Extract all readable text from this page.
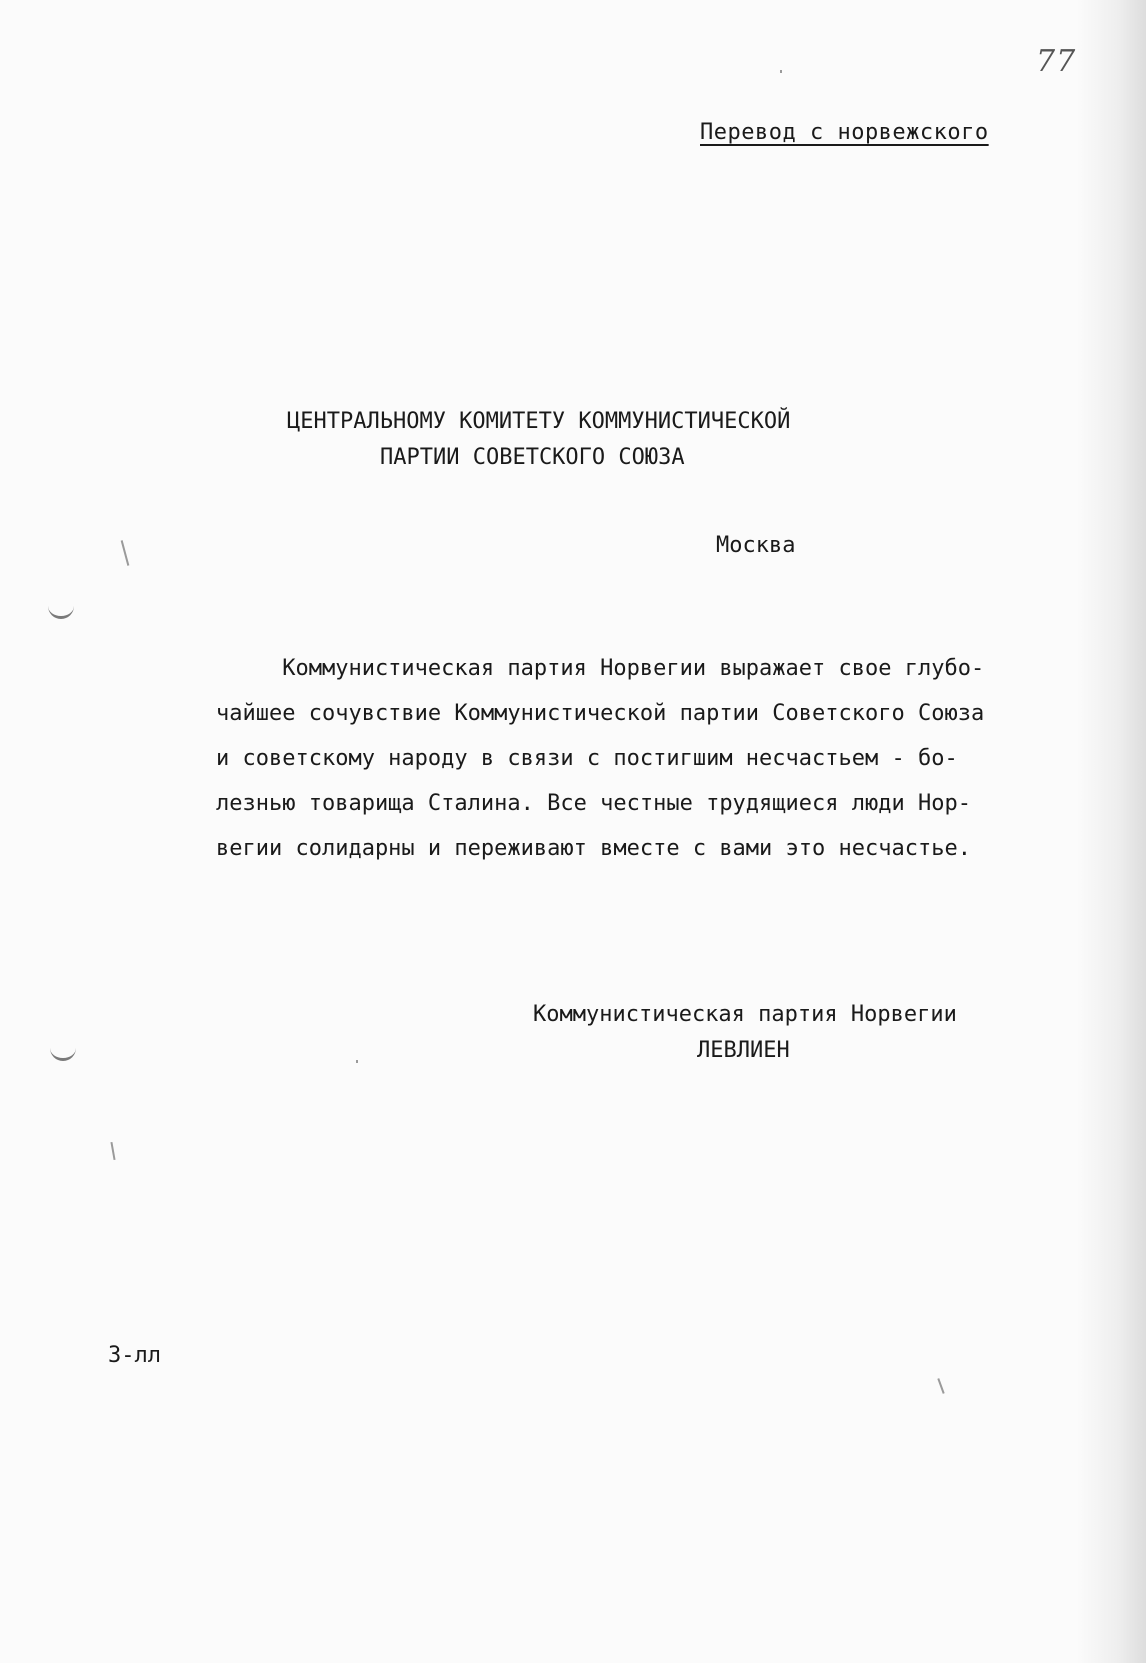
77
Перевод с норвежского
ЦЕНТРАЛЬНОМУ КОМИТЕТУ КОММУНИСТИЧЕСКОЙ
ПАРТИИ СОВЕТСКОГО СОЮЗА
Москва
Коммунистическая партия Норвегии выражает свое глубо-
чайшее сочувствие Коммунистической партии Советского Союза
и советскому народу в связи с постигшим несчастьем - бо-
лезнью товарища Сталина. Все честные трудящиеся люди Нор-
вегии солидарны и переживают вместе с вами это несчастье.
Коммунистическая партия Норвегии
ЛЕВЛИЕН
3-лл
